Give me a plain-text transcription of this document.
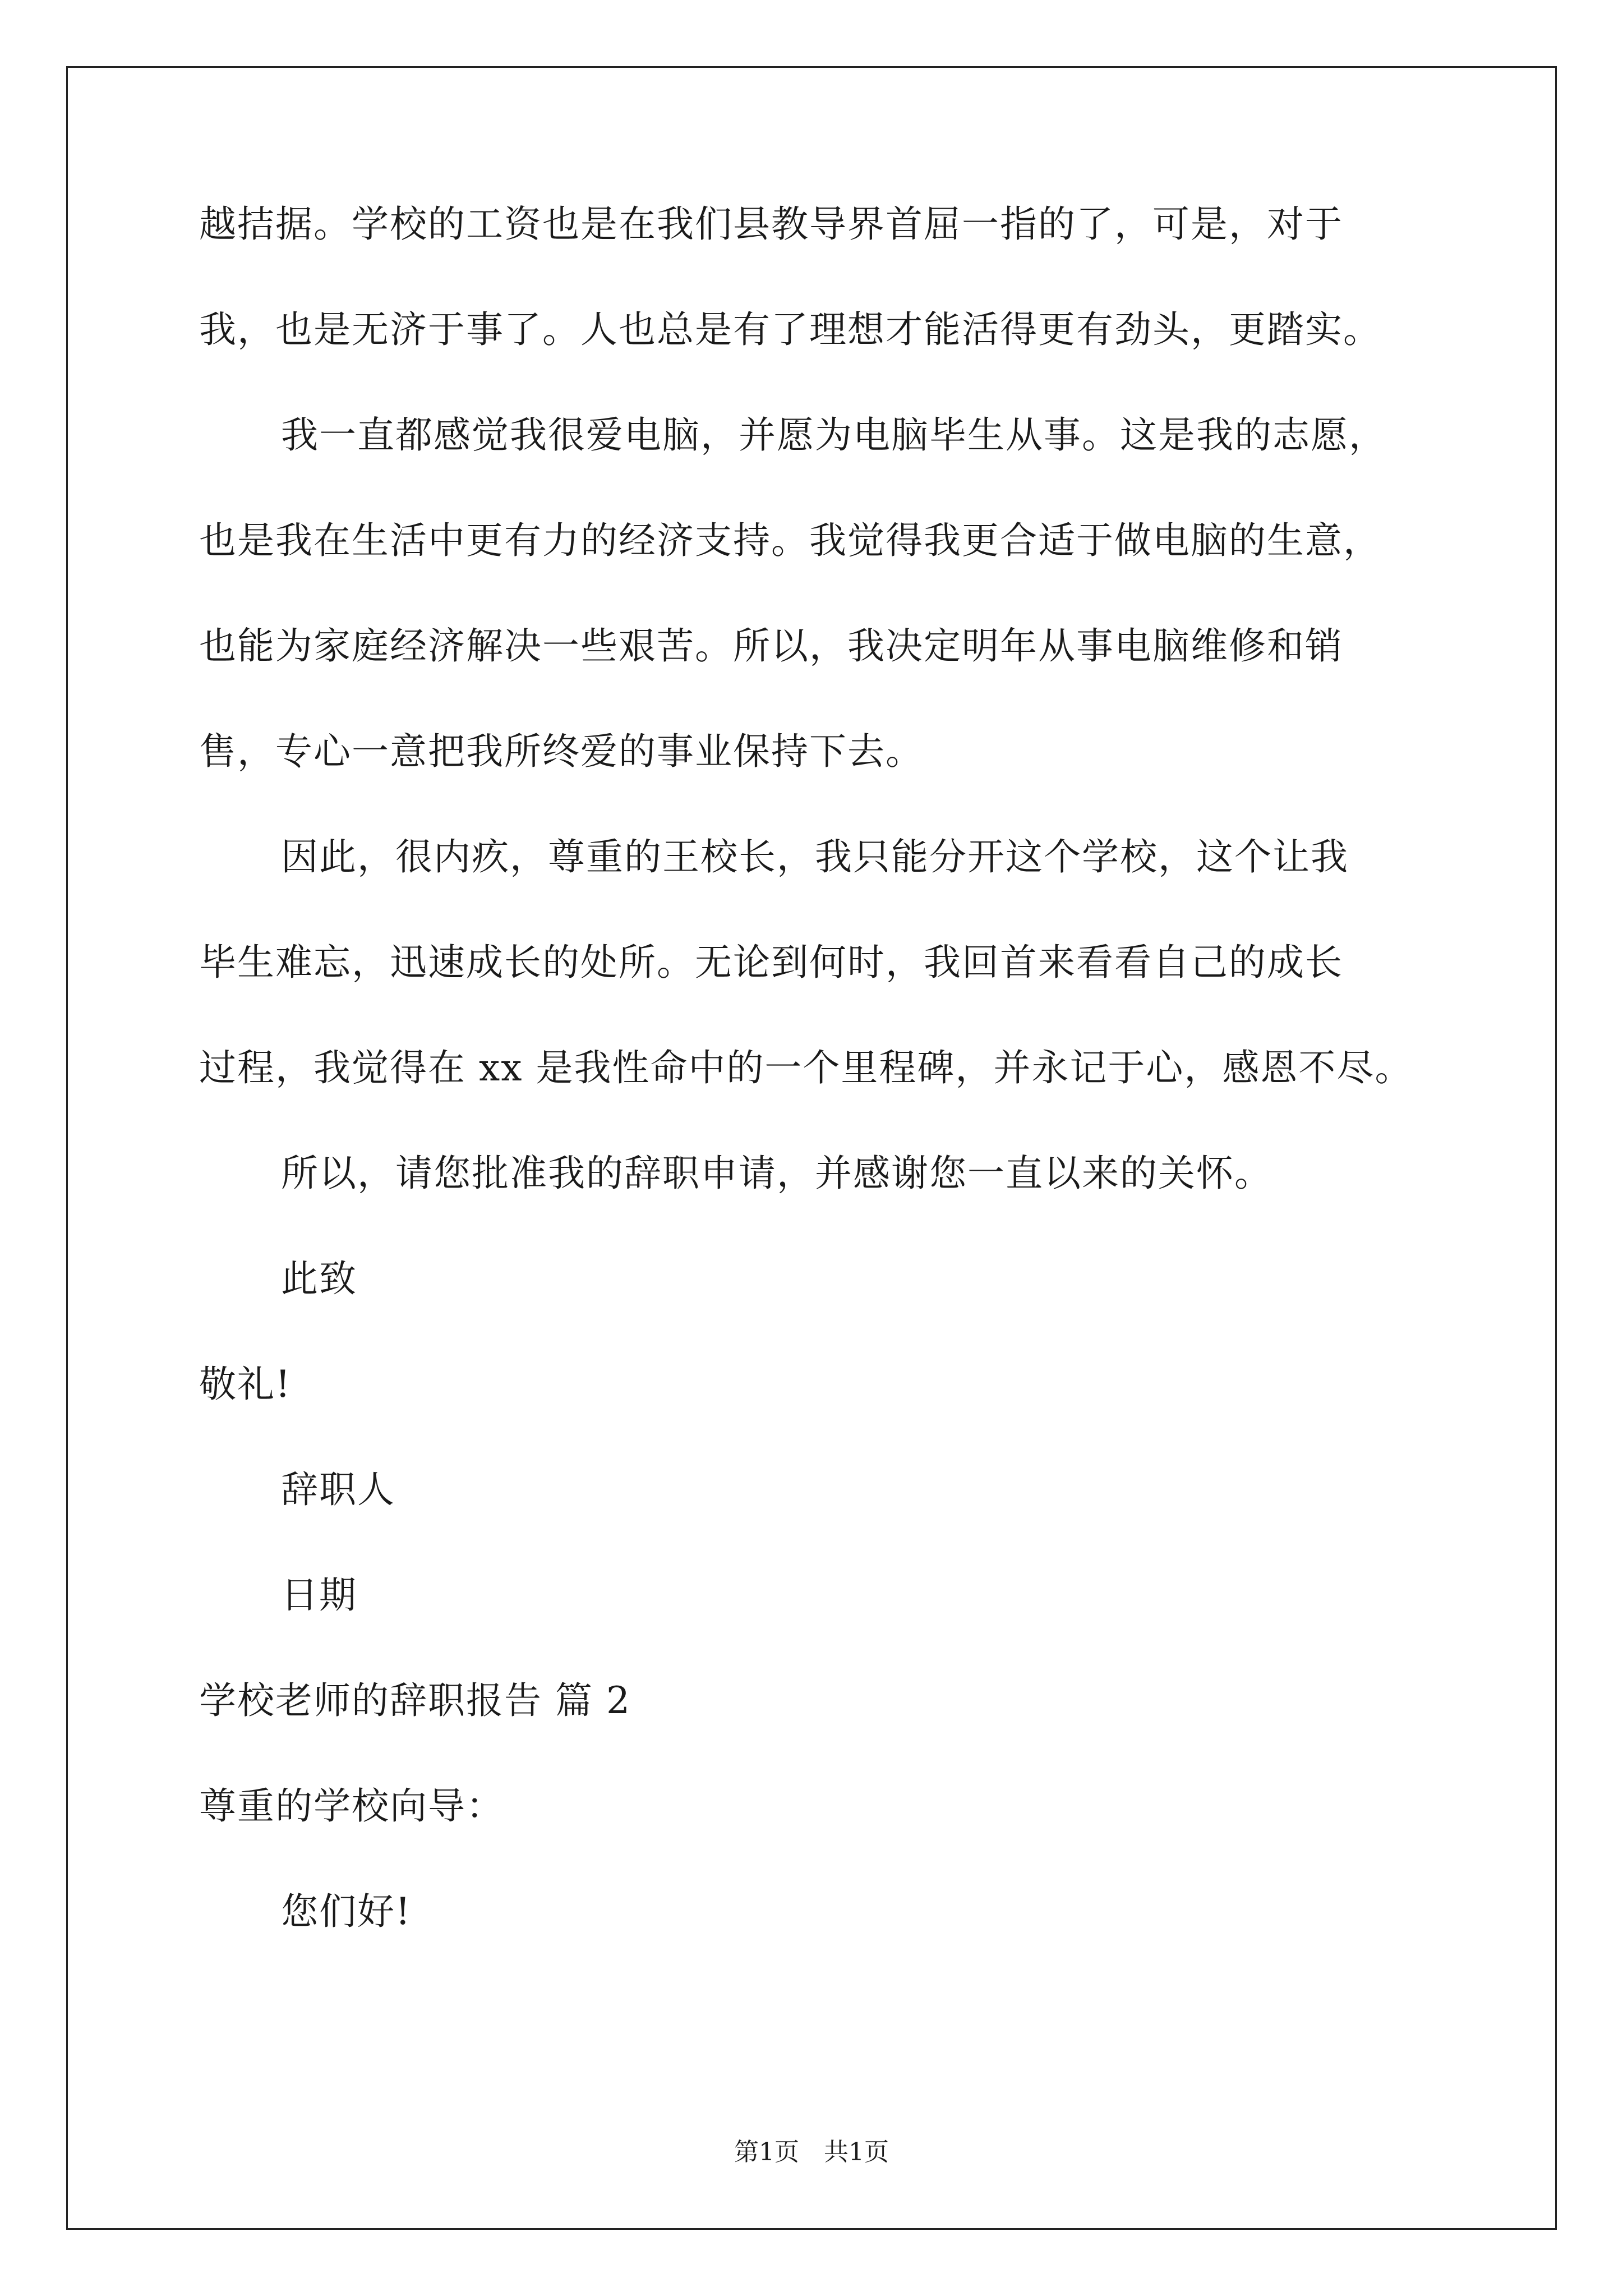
越拮据。学校的工资也是在我们县教导界首屈一指的了，可是，对于
我，也是无济于事了。人也总是有了理想才能活得更有劲头，更踏实。
我一直都感觉我很爱电脑，并愿为电脑毕生从事。这是我的志愿，
也是我在生活中更有力的经济支持。我觉得我更合适于做电脑的生意，
也能为家庭经济解决一些艰苦。所以，我决定明年从事电脑维修和销
售，专心一意把我所终爱的事业保持下去。
因此，很内疚，尊重的王校长，我只能分开这个学校，这个让我
毕生难忘，迅速成长的处所。无论到何时，我回首来看看自己的成长
过程，我觉得在 xx 是我性命中的一个里程碑，并永记于心，感恩不尽。
所以，请您批准我的辞职申请，并感谢您一直以来的关怀。
此致
敬礼!
辞职人
日期
学校老师的辞职报告 篇 2
尊重的学校向导：
您们好!
第1页　共1页
